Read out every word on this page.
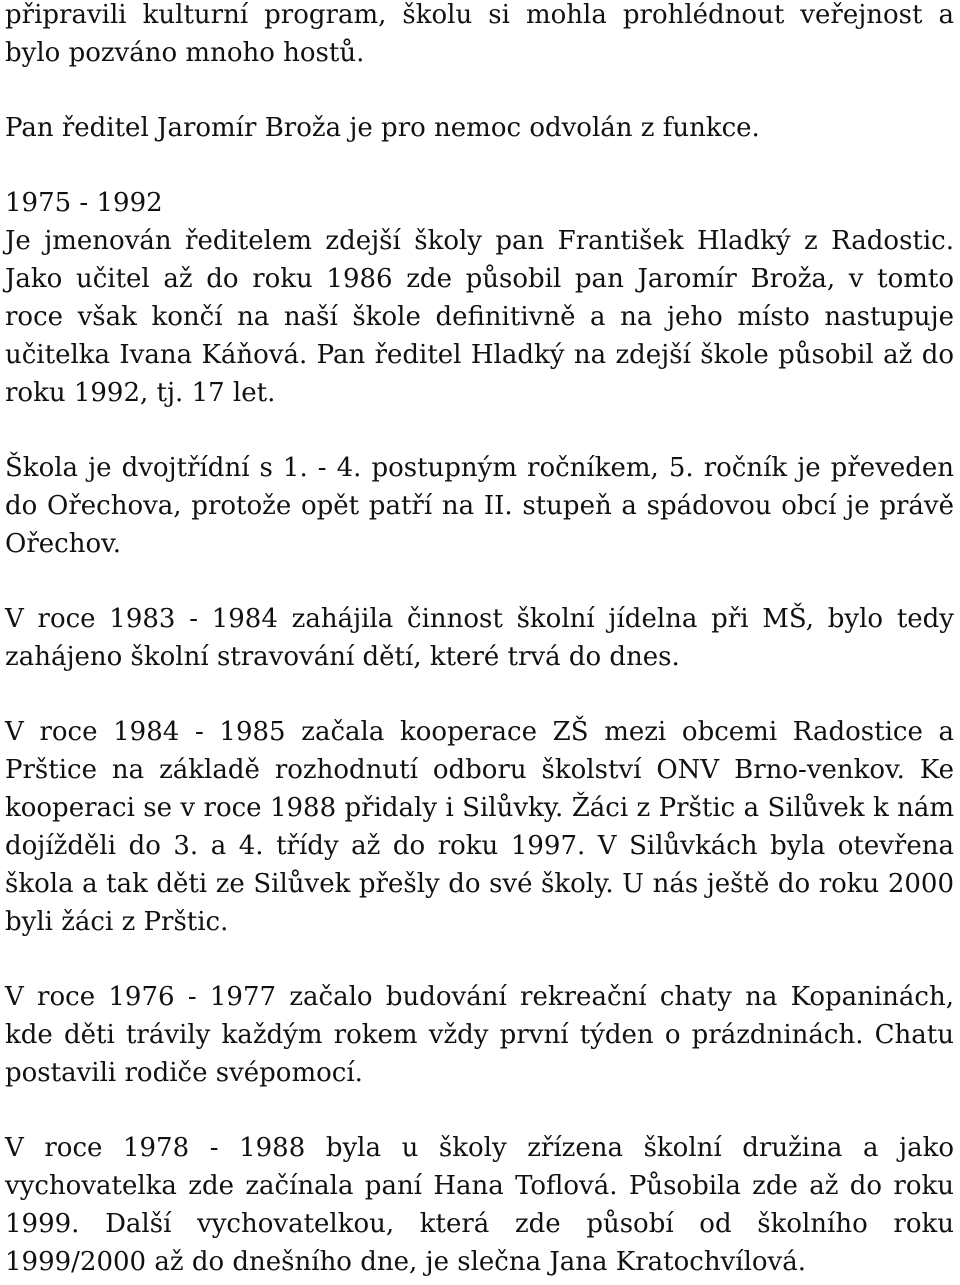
připravili kulturní program, školu si mohla prohlédnout veřejnost a bylo pozváno mnoho hostů.

Pan ředitel Jaromír Brožа je pro nemoc odvolán z funkce.

1975 - 1992

Je jmenován ředitelem zdejší školy pan František Hladký z Radostic. Jako učitel až do roku 1986 zde působil pan Jaromír Brožа, v tomto roce však končí na naší škole definitivně a na jeho místo nastupuje učitelka Ivana Káňová. Pan ředitel Hladký na zdejší škole působil až do roku 1992, tj. 17 let.

Škola je dvojtřídní s 1. - 4. postupným ročníkem, 5. ročník je převeden do Ořechova, protože opět patří na II. stupeň a spádovou obcí je právě Ořechov.

V roce 1983 - 1984 zahájila činnost školní jídelna při MŠ, bylo tedy zahájeno školní stravování dětí, které trvá do dnes.

V roce 1984 - 1985 začala kooperace ZŠ mezi obcemi Radostice a Prštice na základě rozhodnutí odboru školství ONV Brno-venkov. Ke kooperaci se v roce 1988 přidaly i Silůvky. Žáci z Prštic a Silůvek k nám dojížděli do 3. a 4. třídy až do roku 1997. V Silůvkách byla otevřena škola a tak děti ze Silůvek přešly do své školy. U nás ještě do roku 2000 byli žáci z Prštic.

V roce 1976 - 1977 začalo budování rekreační chaty na Kopaninách, kde děti trávily každým rokem vždy první týden o prázdninách. Chatu postavili rodiče svépomocí.

V roce 1978 - 1988 byla u školy zřízena školní družina a jako vychovatelka zde začínala paní Hana Toflová. Působila zde až do roku 1999. Další vychovatelkou, která zde působí od školního roku 1999/2000 až do dnešního dne, je slečna Jana Kratochvílová.
